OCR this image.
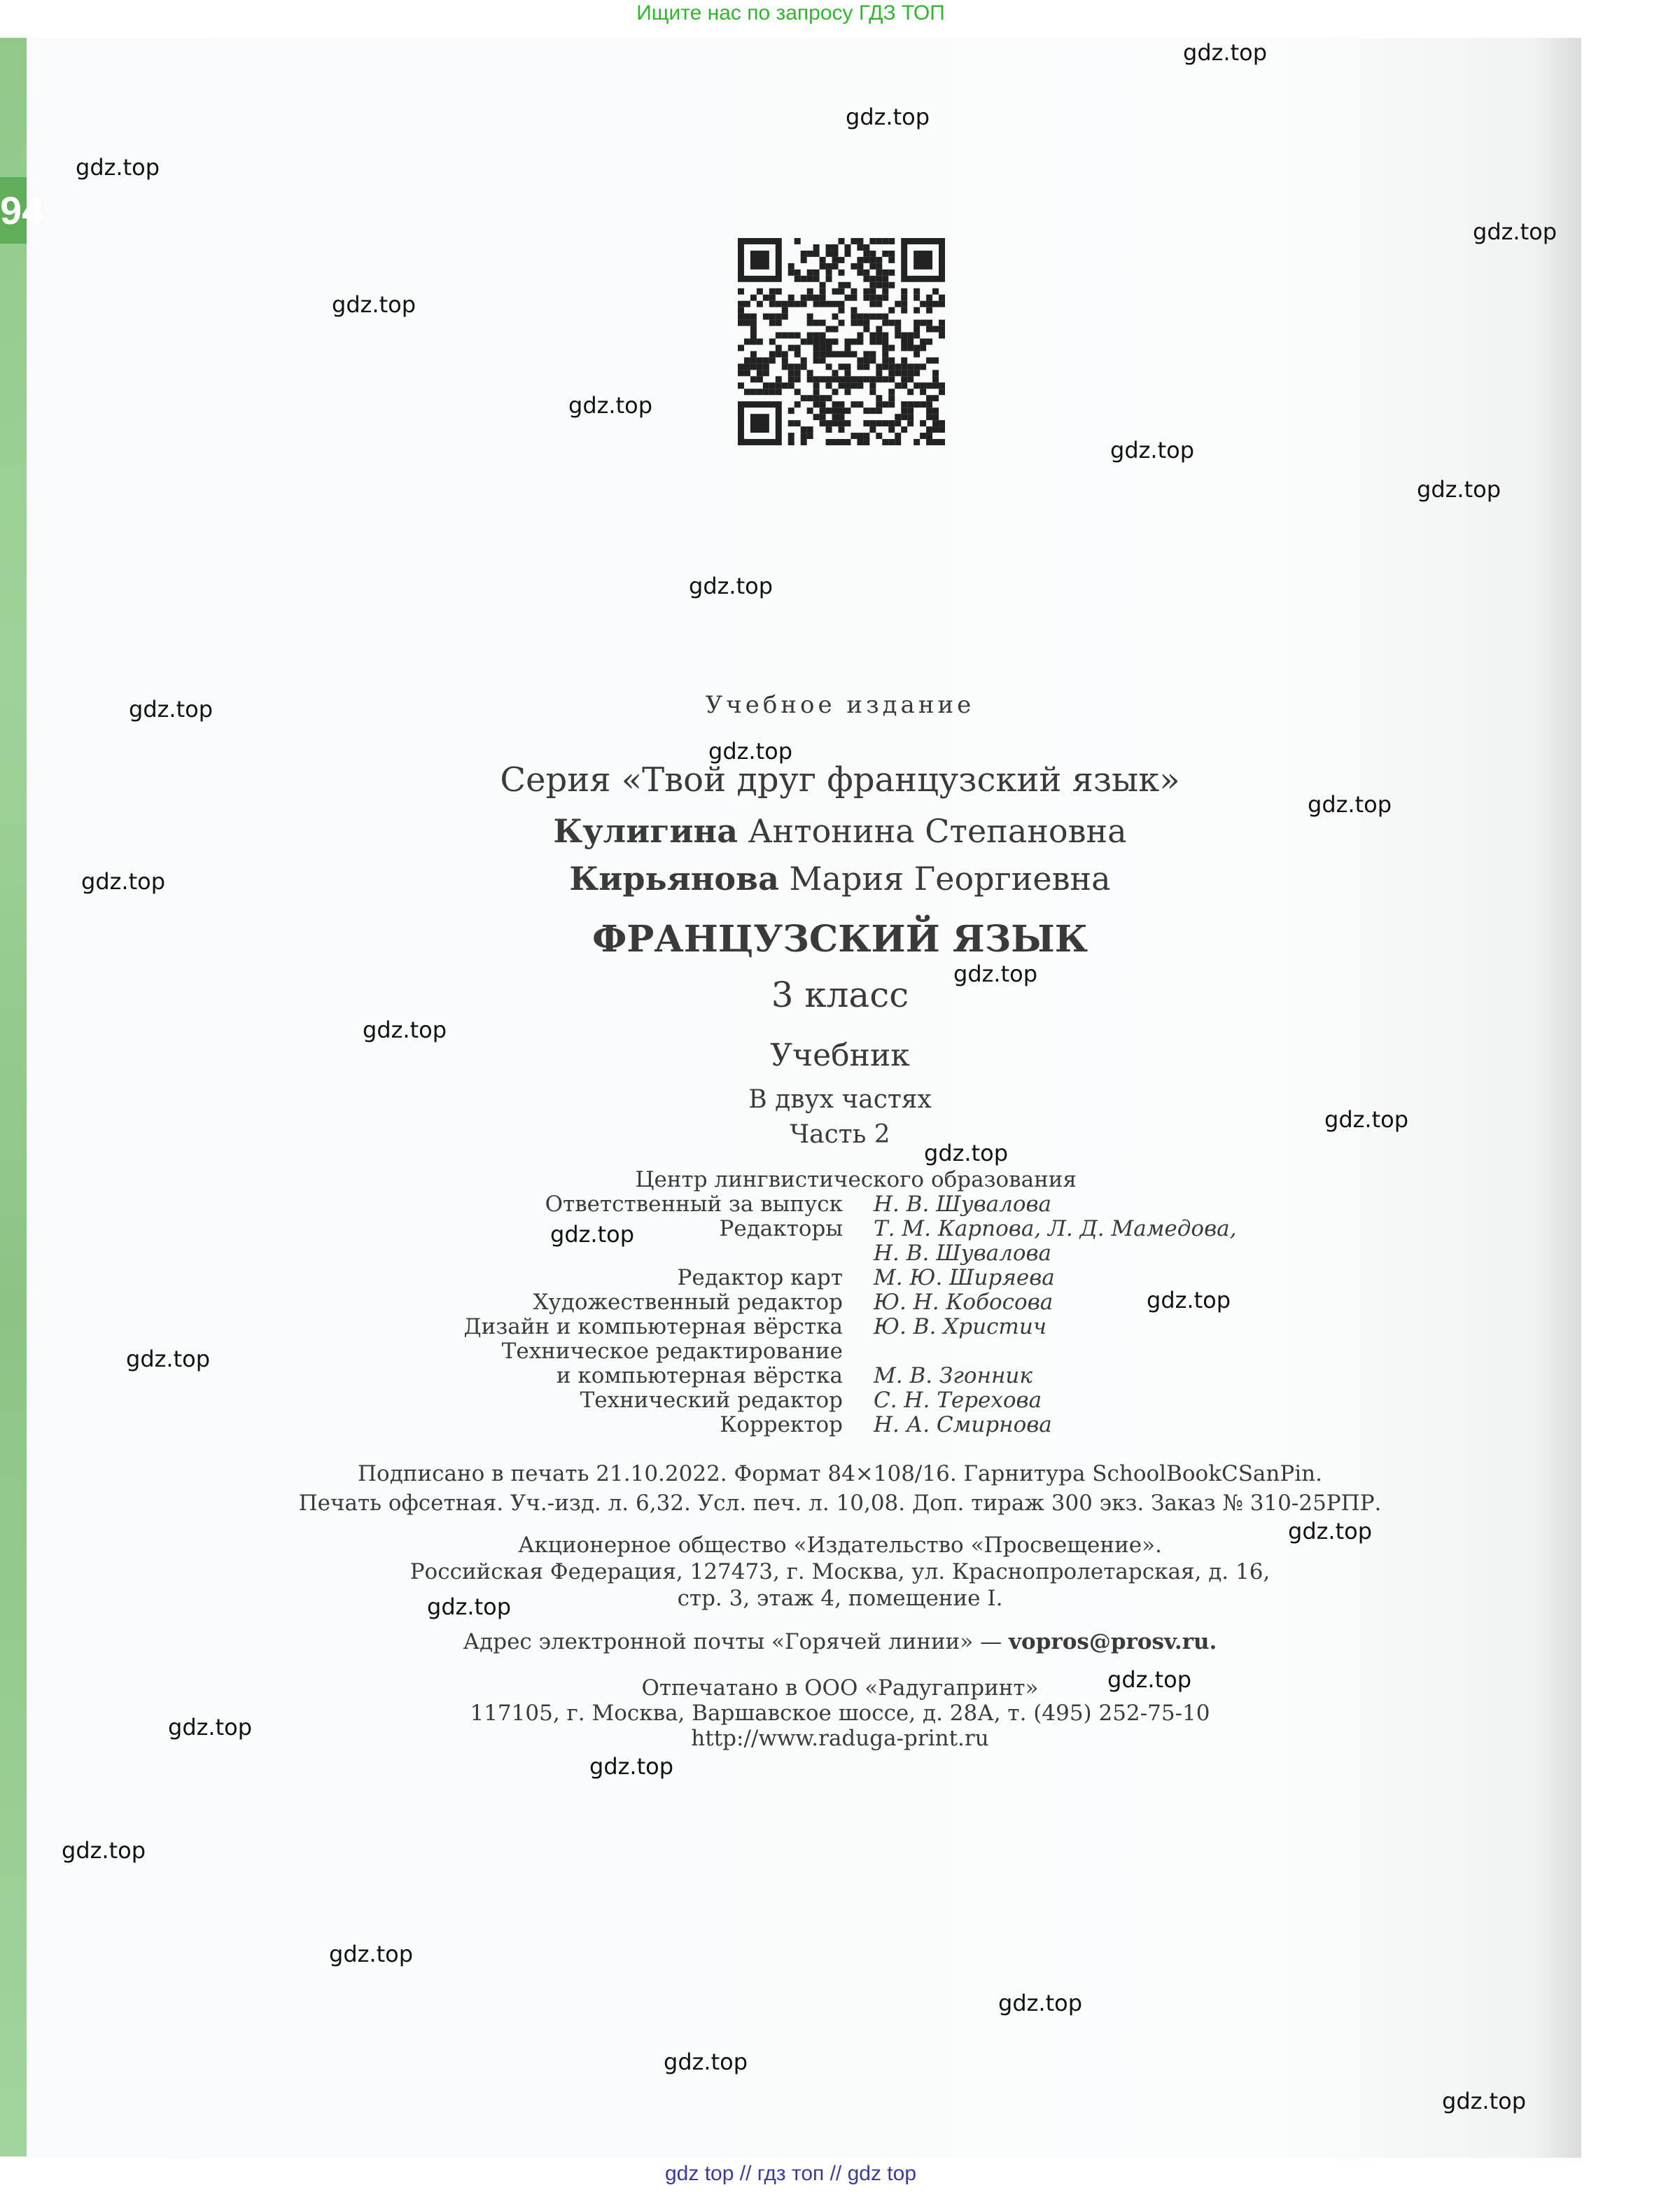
Ищите нас по запросу ГДЗ ТОП
94
Учебное издание
Серия «Твой друг французский язык»
Кулигина Антонина Степановна
Кирьянова Мария Георгиевна
ФРАНЦУЗСКИЙ ЯЗЫК
3 класс
Учебник
В двух частях
Часть 2
Центр лингвистического образования
Ответственный за выпуск Н. В. Шувалова
Редакторы Т. М. Карпова, Л. Д. Мамедова,
Н. В. Шувалова
Редактор карт М. Ю. Ширяева
Художественный редактор Ю. Н. Кобосова
Дизайн и компьютерная вёрстка Ю. В. Христич
Техническое редактирование
и компьютерная вёрстка М. В. Згонник
Технический редактор С. Н. Терехова
Корректор Н. А. Смирнова
Подписано в печать 21.10.2022. Формат 84×108/16. Гарнитура SchoolBookCSanPin.
Печать офсетная. Уч.-изд. л. 6,32. Усл. печ. л. 10,08. Доп. тираж 300 экз. Заказ № 310-25РПР.
Акционерное общество «Издательство «Просвещение».
Российская Федерация, 127473, г. Москва, ул. Краснопролетарская, д. 16,
стр. 3, этаж 4, помещение I.
Адрес электронной почты «Горячей линии» — vopros@prosv.ru.
Отпечатано в ООО «Радугапринт»
117105, г. Москва, Варшавское шоссе, д. 28А, т. (495) 252-75-10
http://www.raduga-print.ru
gdz.top
gdz.top
gdz.top
gdz.top
gdz.top
gdz.top
gdz.top
gdz.top
gdz.top
gdz.top
gdz.top
gdz.top
gdz.top
gdz.top
gdz.top
gdz.top
gdz.top
gdz.top
gdz.top
gdz.top
gdz.top
gdz.top
gdz.top
gdz.top
gdz.top
gdz.top
gdz.top
gdz.top
gdz.top
gdz.top
gdz top // гдз топ // gdz top
